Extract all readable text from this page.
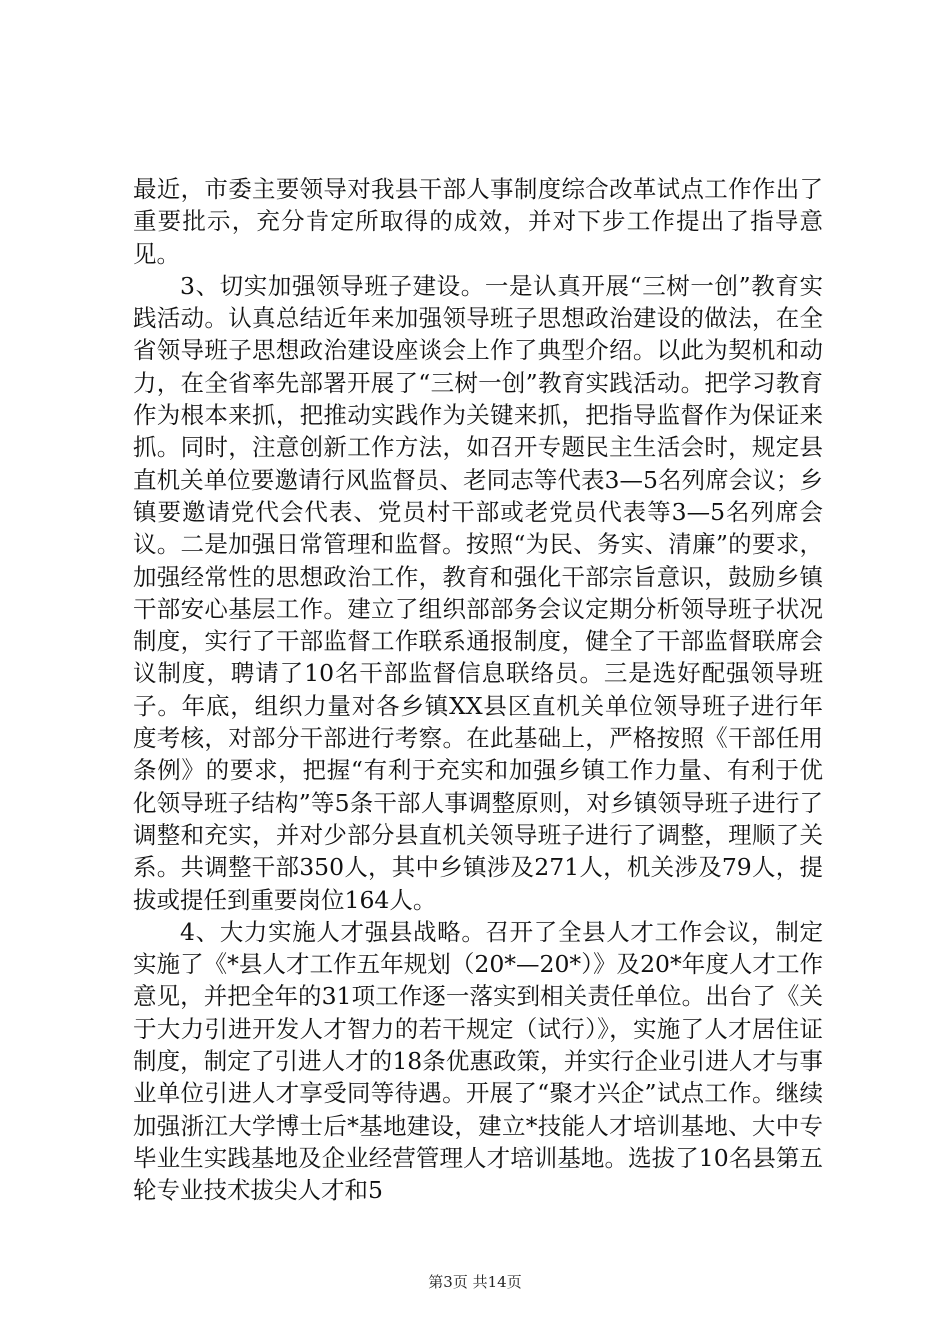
最近，市委主要领导对我县干部人事制度综合改革试点工作作出了重要批示，充分肯定所取得的成效，并对下步工作提出了指导意见。

3、切实加强领导班子建设。一是认真开展“三树一创”教育实践活动。认真总结近年来加强领导班子思想政治建设的做法，在全省领导班子思想政治建设座谈会上作了典型介绍。以此为契机和动力，在全省率先部署开展了“三树一创”教育实践活动。把学习教育作为根本来抓，把推动实践作为关键来抓，把指导监督作为保证来抓。同时，注意创新工作方法，如召开专题民主生活会时，规定县直机关单位要邀请行风监督员、老同志等代表3—5名列席会议；乡镇要邀请党代会代表、党员村干部或老党员代表等3—5名列席会议。二是加强日常管理和监督。按照“为民、务实、清廉”的要求，加强经常性的思想政治工作，教育和强化干部宗旨意识，鼓励乡镇干部安心基层工作。建立了组织部部务会议定期分析领导班子状况制度，实行了干部监督工作联系通报制度，健全了干部监督联席会议制度，聘请了10名干部监督信息联络员。三是选好配强领导班子。年底，组织力量对各乡镇XX县区直机关单位领导班子进行年度考核，对部分干部进行考察。在此基础上，严格按照《干部任用条例》的要求，把握“有利于充实和加强乡镇工作力量、有利于优化领导班子结构”等5条干部人事调整原则，对乡镇领导班子进行了调整和充实，并对少部分县直机关领导班子进行了调整，理顺了关系。共调整干部350人，其中乡镇涉及271人，机关涉及79人，提拔或提任到重要岗位164人。

4、大力实施人才强县战略。召开了全县人才工作会议，制定实施了《*县人才工作五年规划（20*—20*）》及20*年度人才工作意见，并把全年的31项工作逐一落实到相关责任单位。出台了《关于大力引进开发人才智力的若干规定（试行）》，实施了人才居住证制度，制定了引进人才的18条优惠政策，并实行企业引进人才与事业单位引进人才享受同等待遇。开展了“聚才兴企”试点工作。继续加强浙江大学博士后*基地建设，建立*技能人才培训基地、大中专毕业生实践基地及企业经营管理人才培训基地。选拔了10名县第五轮专业技术拔尖人才和5

第3页 共14页
